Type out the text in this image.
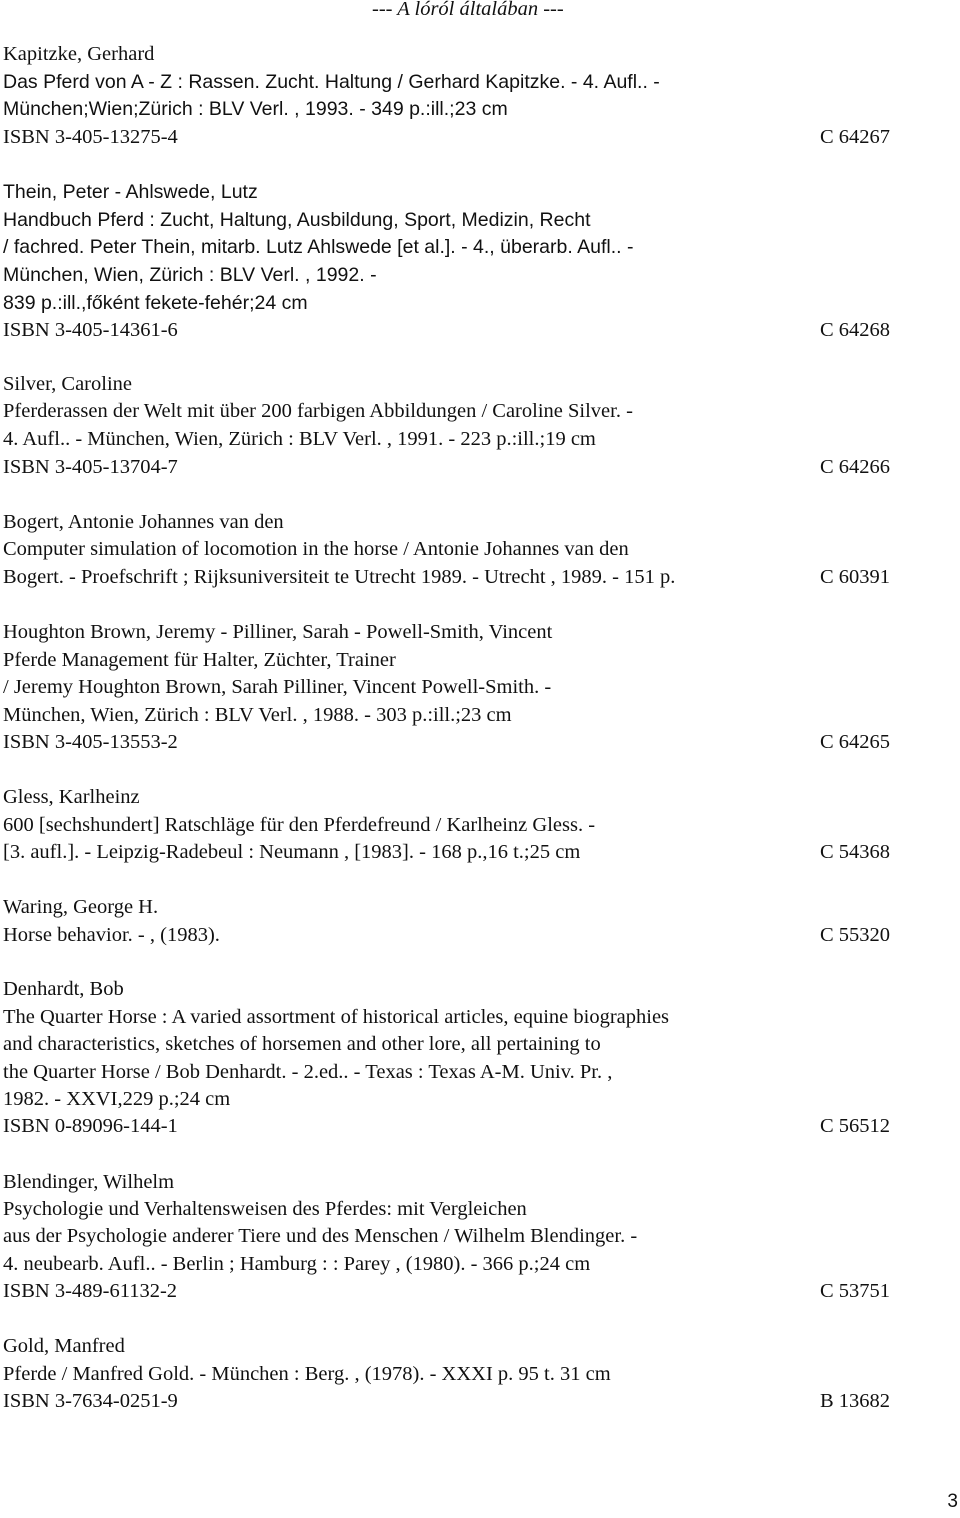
--- A lóról általában ---
Kapitzke, Gerhard
Das Pferd von A - Z : Rassen. Zucht. Haltung / Gerhard Kapitzke. - 4. Aufl.. -
München;Wien;Zürich : BLV Verl. , 1993. - 349 p.:ill.;23 cm
ISBN 3-405-13275-4	C 64267
Thein, Peter - Ahlswede, Lutz
Handbuch Pferd : Zucht, Haltung, Ausbildung, Sport, Medizin, Recht
/ fachred. Peter Thein, mitarb. Lutz Ahlswede [et al.]. - 4., überarb. Aufl.. -
München, Wien, Zürich : BLV Verl. , 1992. -
839 p.:ill.,főként fekete-fehér;24 cm
ISBN 3-405-14361-6	C 64268
Silver, Caroline
Pferderassen der Welt mit über 200 farbigen Abbildungen / Caroline Silver. -
4. Aufl.. - München, Wien, Zürich : BLV Verl. , 1991. - 223 p.:ill.;19 cm
ISBN 3-405-13704-7	C 64266
Bogert, Antonie Johannes van den
Computer simulation of locomotion in the horse / Antonie Johannes van den
Bogert. - Proefschrift ; Rijksuniversiteit te Utrecht 1989. - Utrecht , 1989. - 151 p.	C 60391
Houghton Brown, Jeremy - Pilliner, Sarah - Powell-Smith, Vincent
Pferde Management für Halter, Züchter, Trainer
/ Jeremy Houghton Brown, Sarah Pilliner, Vincent Powell-Smith. -
München, Wien, Zürich : BLV Verl. , 1988. - 303 p.:ill.;23 cm
ISBN 3-405-13553-2	C 64265
Gless, Karlheinz
600 [sechshundert] Ratschläge für den Pferdefreund / Karlheinz Gless. -
[3. aufl.]. - Leipzig-Radebeul : Neumann , [1983]. - 168 p.,16 t.;25 cm	C 54368
Waring, George H.
Horse behavior. - , (1983).	C 55320
Denhardt, Bob
The Quarter Horse : A varied assortment of historical articles, equine biographies
and characteristics, sketches of horsemen and other lore, all pertaining to
the Quarter Horse / Bob Denhardt. - 2.ed.. - Texas : Texas A-M. Univ. Pr. ,
1982. - XXVI,229 p.;24 cm
ISBN 0-89096-144-1	C 56512
Blendinger, Wilhelm
Psychologie und Verhaltensweisen des Pferdes: mit Vergleichen
aus der Psychologie anderer Tiere und des Menschen / Wilhelm Blendinger. -
4. neubearb. Aufl.. - Berlin ; Hamburg : : Parey , (1980). - 366 p.;24 cm
ISBN 3-489-61132-2	C 53751
Gold, Manfred
Pferde / Manfred Gold. - München : Berg. , (1978). - XXXI p. 95 t. 31 cm
ISBN 3-7634-0251-9	B 13682
3
